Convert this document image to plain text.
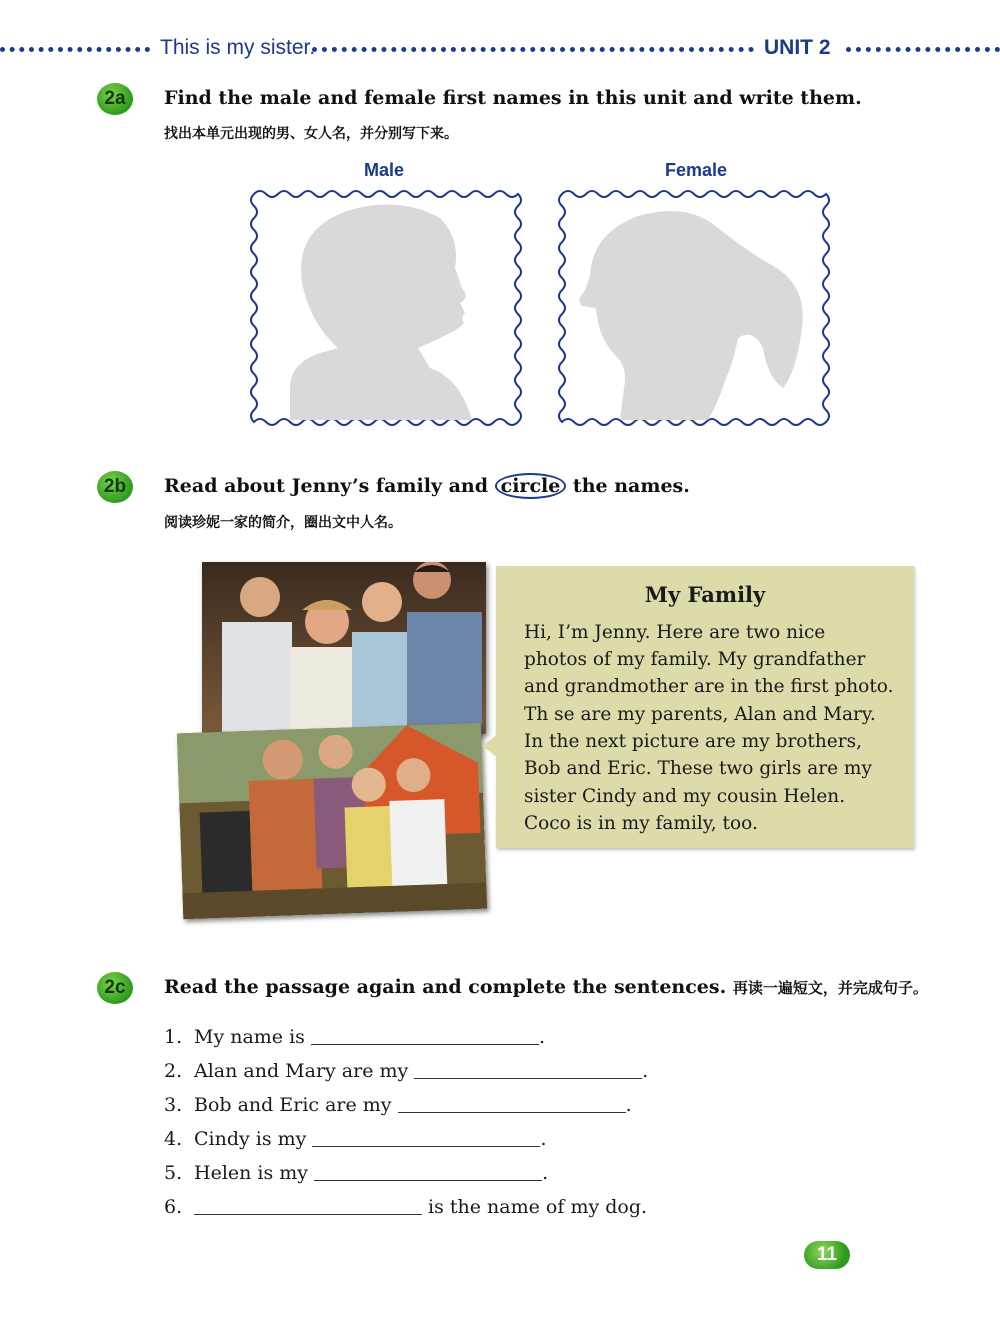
This is my sister.	UNIT 2
2a	Find the male and female first names in this unit and write them.
找出本单元出现的男、女人名，并分别写下来。
Male	Female
2b	Read about Jenny’s family and circle the names.
阅读珍妮一家的简介，圈出文中人名。
My Family
Hi, I’m Jenny. Here are two nice
photos of my family. My grandfather
and grandmother are in the first photo.
Th se are my parents, Alan and Mary.
In the next picture are my brothers,
Bob and Eric. These two girls are my
sister Cindy and my cousin Helen.
Coco is in my family, too.
2c	Read the passage again and complete the sentences. 再读一遍短文，并完成句子。
1. My name is	.
2. Alan and Mary are my	.
3. Bob and Eric are my	.
4. Cindy is my	.
5. Helen is my	.
6.	is the name of my dog.
11
